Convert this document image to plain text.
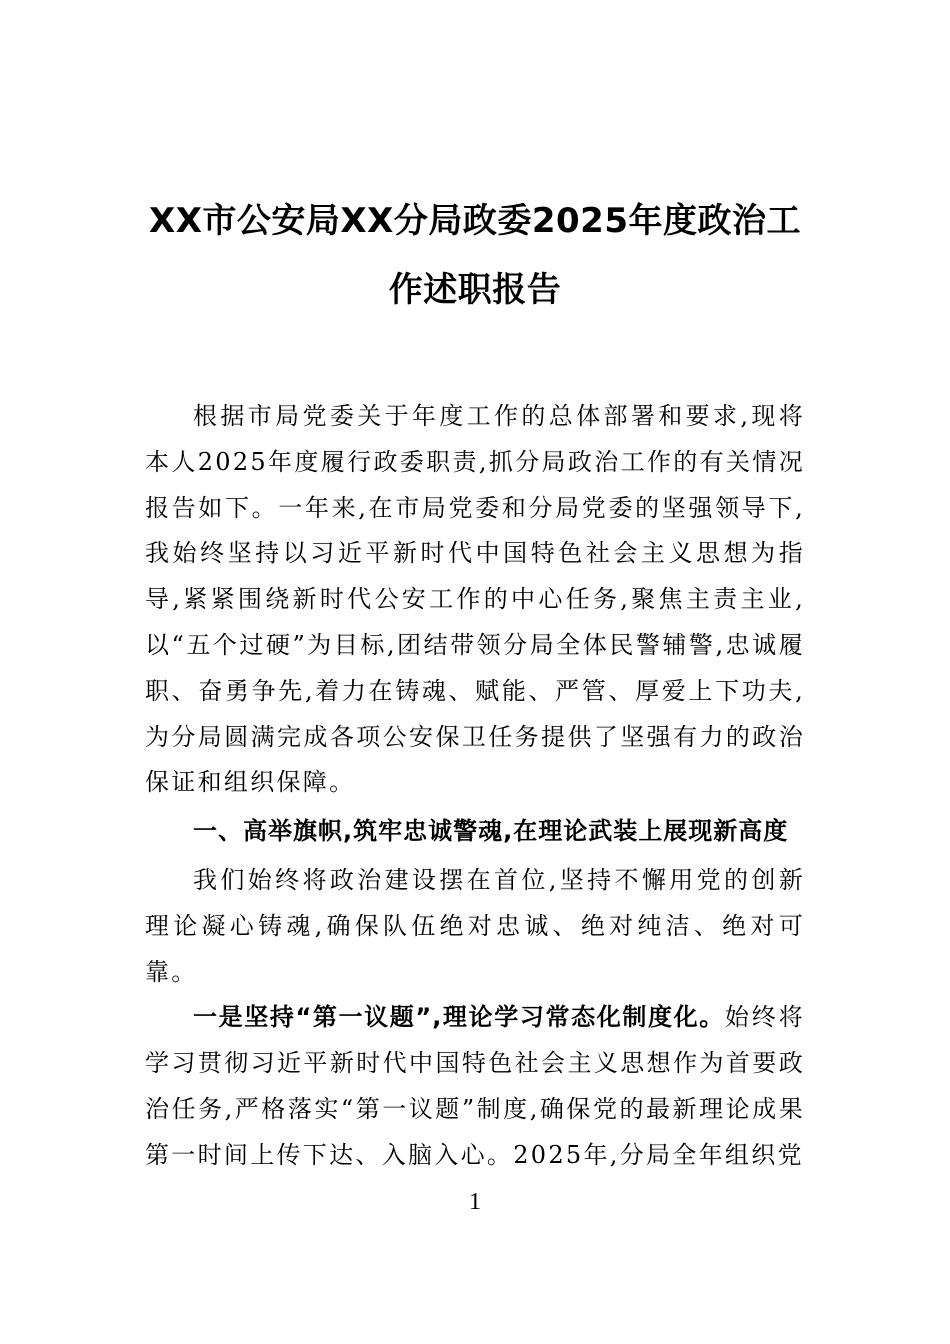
XX市公安局XX分局政委2025年度政治工作述职报告

根据市局党委关于年度工作的总体部署和要求,现将本人2025年度履行政委职责,抓分局政治工作的有关情况报告如下。一年来,在市局党委和分局党委的坚强领导下,我始终坚持以习近平新时代中国特色社会主义思想为指导,紧紧围绕新时代公安工作的中心任务,聚焦主责主业,以“五个过硬”为目标,团结带领分局全体民警辅警,忠诚履职、奋勇争先,着力在铸魂、赋能、严管、厚爱上下功夫,为分局圆满完成各项公安保卫任务提供了坚强有力的政治保证和组织保障。

一、高举旗帜,筑牢忠诚警魂,在理论武装上展现新高度

我们始终将政治建设摆在首位,坚持不懈用党的创新理论凝心铸魂,确保队伍绝对忠诚、绝对纯洁、绝对可靠。

一是坚持“第一议题”,理论学习常态化制度化。始终将学习贯彻习近平新时代中国特色社会主义思想作为首要政治任务,严格落实“第一议题”制度,确保党的最新理论成果第一时间上传下达、入脑入心。2025年,分局全年组织党

1
